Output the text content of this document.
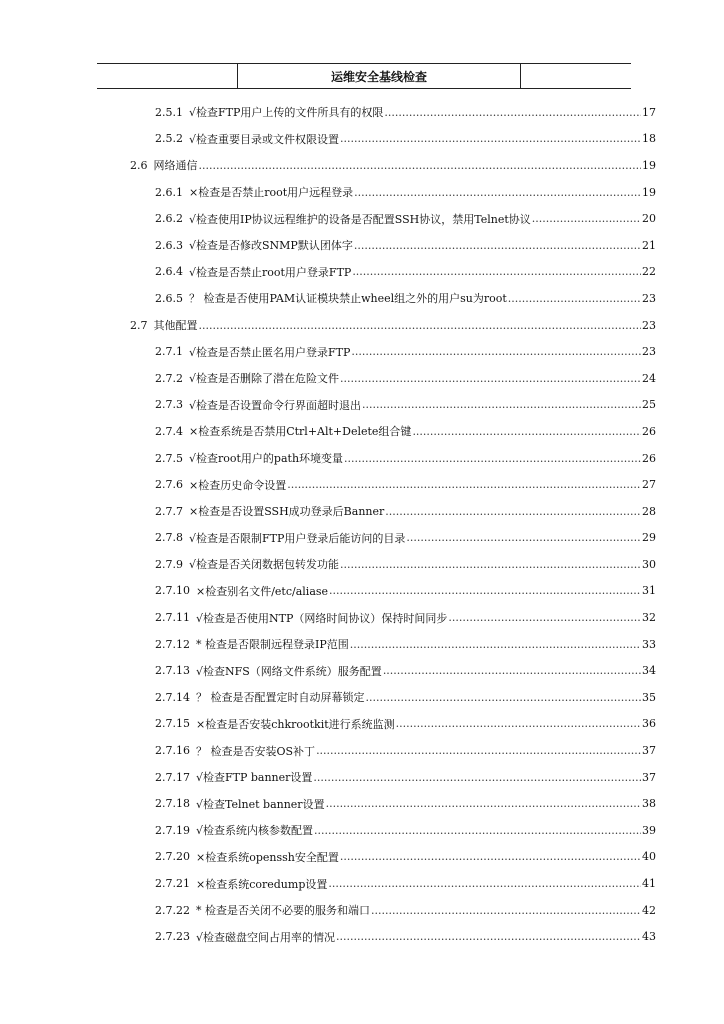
	运维安全基线检查	
2.5.1 √检查FTP用户上传的文件所具有的权限 .....	17
2.5.2 √检查重要目录或文件权限设置 .....	18
2.6 网络通信 .....	19
2.6.1 ×检查是否禁止root用户远程登录 .....	19
2.6.2 √检查使用IP协议远程维护的设备是否配置SSH协议，禁用Telnet协议 .....	20
2.6.3 √检查是否修改SNMP默认团体字 .....	21
2.6.4 √检查是否禁止root用户登录FTP .....	22
2.6.5 ？ 检查是否使用PAM认证模块禁止wheel组之外的用户su为root .....	23
2.7 其他配置 .....	23
2.7.1 √检查是否禁止匿名用户登录FTP .....	23
2.7.2 √检查是否删除了潜在危险文件 .....	24
2.7.3 √检查是否设置命令行界面超时退出 .....	25
2.7.4 ×检查系统是否禁用Ctrl+Alt+Delete组合键 .....	26
2.7.5 √检查root用户的path环境变量 .....	26
2.7.6 ×检查历史命令设置 .....	27
2.7.7 ×检查是否设置SSH成功登录后Banner .....	28
2.7.8 √检查是否限制FTP用户登录后能访问的目录 .....	29
2.7.9 √检查是否关闭数据包转发功能 .....	30
2.7.10 ×检查别名文件/etc/aliase .....	31
2.7.11 √检查是否使用NTP（网络时间协议）保持时间同步 .....	32
2.7.12 * 检查是否限制远程登录IP范围 .....	33
2.7.13 √检查NFS（网络文件系统）服务配置 .....	34
2.7.14 ？ 检查是否配置定时自动屏幕锁定 .....	35
2.7.15 ×检查是否安装chkrootkit进行系统监测 .....	36
2.7.16 ？ 检查是否安装OS补丁 .....	37
2.7.17 √检查FTP banner设置 .....	37
2.7.18 √检查Telnet banner设置 .....	38
2.7.19 √检查系统内核参数配置 .....	39
2.7.20 ×检查系统openssh安全配置 .....	40
2.7.21 ×检查系统coredump设置 .....	41
2.7.22 * 检查是否关闭不必要的服务和端口 .....	42
2.7.23 √检查磁盘空间占用率的情况 .....	43
